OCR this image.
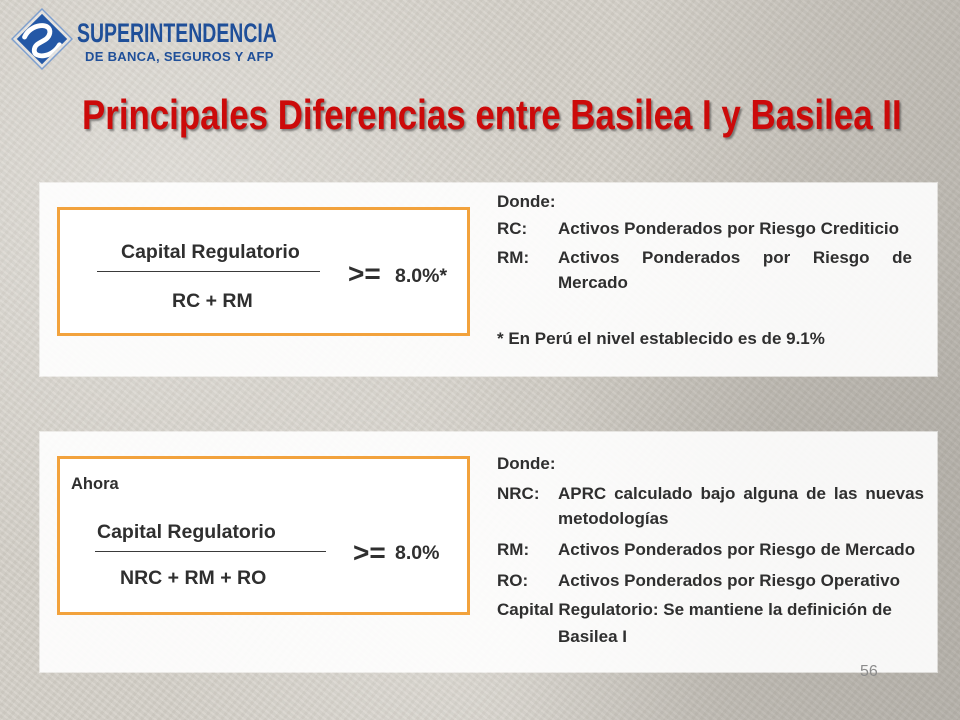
SUPERINTENDENCIA
DE BANCA, SEGUROS Y AFP
Principales Diferencias entre Basilea I y Basilea II
Capital Regulatorio
RC + RM
>= 8.0%*
Donde:
RC: Activos Ponderados por Riesgo Crediticio
RM: Activos Ponderados por Riesgo de Mercado
* En Perú el nivel establecido es de 9.1%
Ahora
Capital Regulatorio
NRC + RM + RO
>= 8.0%
Donde:
NRC: APRC calculado bajo alguna de las nuevas metodologías
RM: Activos Ponderados por Riesgo de Mercado
RO: Activos Ponderados por Riesgo Operativo
Capital Regulatorio: Se mantiene la definición de Basilea I
56
